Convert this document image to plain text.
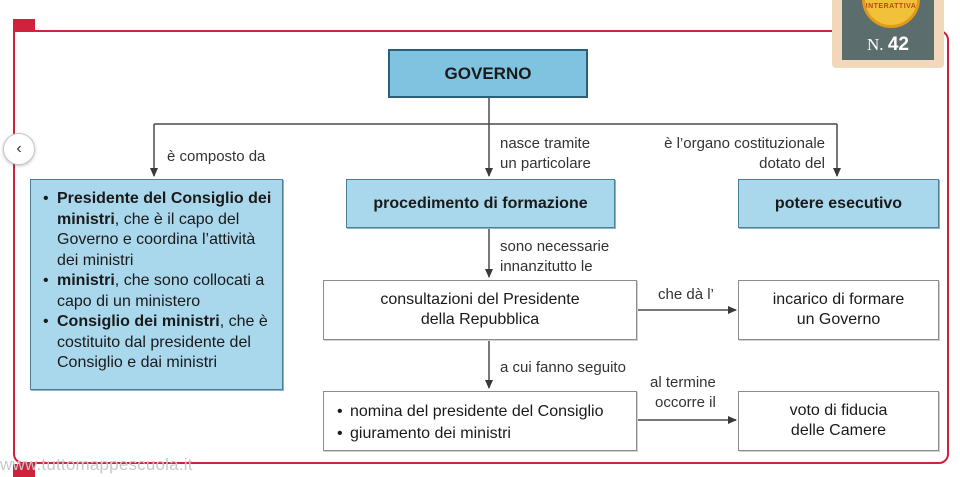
INTERATTIVA
N. 42
‹
GOVERNO
è composto da
nasce tramite
un particolare
è l’organo costituzionale
dotato del
• Presidente del Consiglio dei ministri, che è il capo del Governo e coordina l’attività dei ministri
• ministri, che sono collocati a capo di un ministero
• Consiglio dei ministri, che è costituito dal presidente del Consiglio e dai ministri
procedimento di formazione	potere esecutivo
sono necessarie
innanzitutto le
consultazioni del Presidente
della Repubblica
che dà l’	incarico di formare
un Governo
a cui fanno seguito
al termine
occorre il
• nomina del presidente del Consiglio
• giuramento dei ministri
voto di fiducia
delle Camere
www.tuttomappescuola.it
